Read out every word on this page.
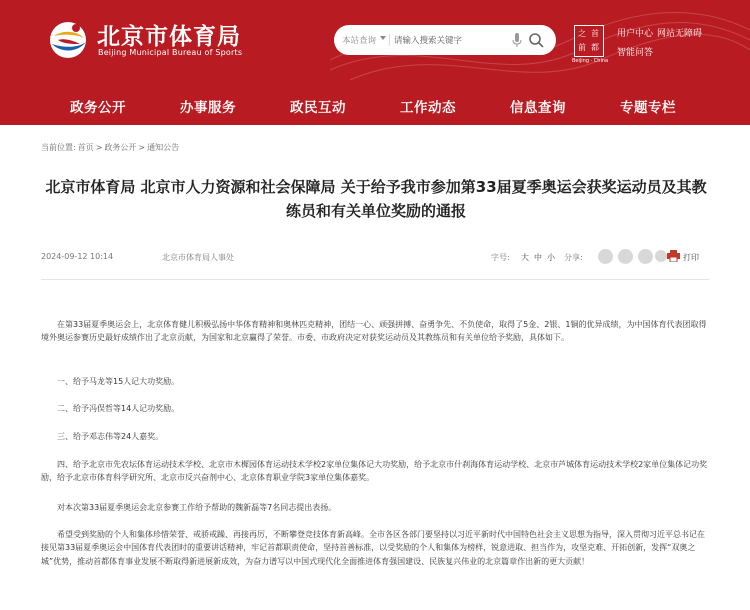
北京市体育局
Beijing Municipal Bureau of Sports
本站查询
请输入搜索关键字
之 首
前 都
Beijing · China
用户中心 网站无障碍
智能问答
政务公开	办事服务	政民互动	工作动态	信息查询	专题专栏
当前位置: 首页 > 政务公开 > 通知公告
北京市体育局 北京市人力资源和社会保障局 关于给予我市参加第33届夏季奥运会获奖运动员及其教练员和有关单位奖励的通报
2024-09-12 10:14	北京市体育局人事处	字号: 大 中 小 分享:	打印

在第33届夏季奥运会上，北京体育健儿积极弘扬中华体育精神和奥林匹克精神，团结一心、顽强拼搏、奋勇争先、不负使命，取得了5金、2银、1铜的优异成绩，为中国体育代表团取得境外奥运参赛历史最好成绩作出了北京贡献，为国家和北京赢得了荣誉。市委、市政府决定对获奖运动员及其教练员和有关单位给予奖励，具体如下。

一、给予马龙等15人记大功奖励。

二、给予冯俣哲等14人记功奖励。

三、给予邓志伟等24人嘉奖。

四、给予北京市先农坛体育运动技术学校、北京市木樨园体育运动技术学校2家单位集体记大功奖励，给予北京市什刹海体育运动学校、北京市芦城体育运动技术学校2家单位集体记功奖励，给予北京市体育科学研究所、北京市反兴奋剂中心、北京体育职业学院3家单位集体嘉奖。

对本次第33届夏季奥运会北京参赛工作给予帮助的魏新磊等7名同志提出表扬。

希望受到奖励的个人和集体珍惜荣誉、戒骄戒躁、再接再厉，不断攀登竞技体育新高峰。全市各区各部门要坚持以习近平新时代中国特色社会主义思想为指导，深入贯彻习近平总书记在接见第33届夏季奥运会中国体育代表团时的重要讲话精神，牢记首都职责使命，坚持首善标准，以受奖励的个人和集体为榜样，锐意进取、担当作为，攻坚克难、开拓创新，发挥“双奥之城”优势，推动首都体育事业发展不断取得新进展新成效，为奋力谱写以中国式现代化全面推进体育强国建设、民族复兴伟业的北京篇章作出新的更大贡献！
